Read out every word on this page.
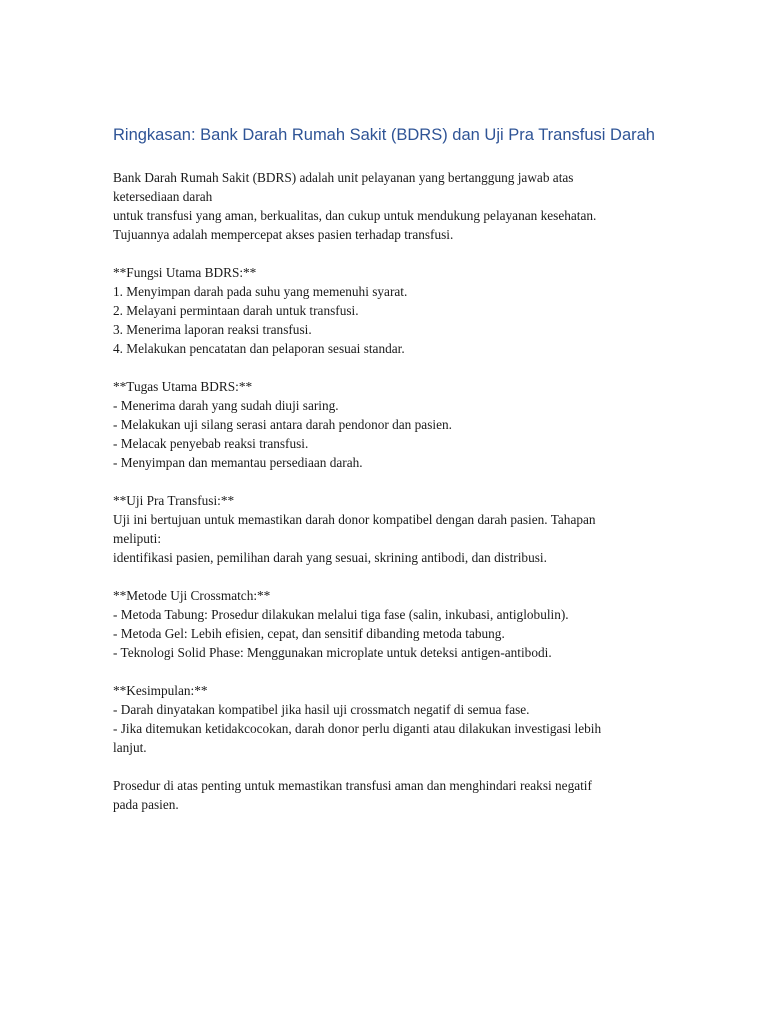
Ringkasan: Bank Darah Rumah Sakit (BDRS) dan Uji Pra Transfusi Darah
Bank Darah Rumah Sakit (BDRS) adalah unit pelayanan yang bertanggung jawab atas
ketersediaan darah
untuk transfusi yang aman, berkualitas, dan cukup untuk mendukung pelayanan kesehatan.
Tujuannya adalah mempercepat akses pasien terhadap transfusi.
**Fungsi Utama BDRS:**
1. Menyimpan darah pada suhu yang memenuhi syarat.
2. Melayani permintaan darah untuk transfusi.
3. Menerima laporan reaksi transfusi.
4. Melakukan pencatatan dan pelaporan sesuai standar.
**Tugas Utama BDRS:**
- Menerima darah yang sudah diuji saring.
- Melakukan uji silang serasi antara darah pendonor dan pasien.
- Melacak penyebab reaksi transfusi.
- Menyimpan dan memantau persediaan darah.
**Uji Pra Transfusi:**
Uji ini bertujuan untuk memastikan darah donor kompatibel dengan darah pasien. Tahapan
meliputi:
identifikasi pasien, pemilihan darah yang sesuai, skrining antibodi, dan distribusi.
**Metode Uji Crossmatch:**
- Metoda Tabung: Prosedur dilakukan melalui tiga fase (salin, inkubasi, antiglobulin).
- Metoda Gel: Lebih efisien, cepat, dan sensitif dibanding metoda tabung.
- Teknologi Solid Phase: Menggunakan microplate untuk deteksi antigen-antibodi.
**Kesimpulan:**
- Darah dinyatakan kompatibel jika hasil uji crossmatch negatif di semua fase.
- Jika ditemukan ketidakcocokan, darah donor perlu diganti atau dilakukan investigasi lebih
lanjut.
Prosedur di atas penting untuk memastikan transfusi aman dan menghindari reaksi negatif
pada pasien.
